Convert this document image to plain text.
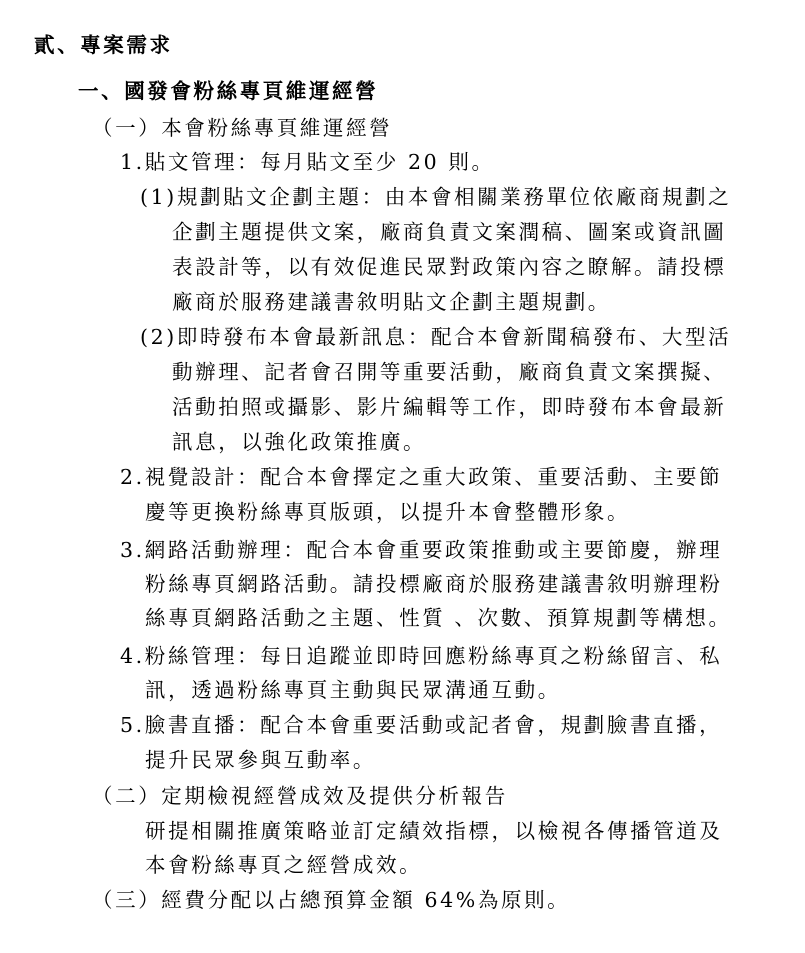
貳、專案需求
一、國發會粉絲專頁維運經營
（一）本會粉絲專頁維運經營
1.貼文管理：每月貼文至少 20 則。
(1)規劃貼文企劃主題：由本會相關業務單位依廠商規劃之
企劃主題提供文案，廠商負責文案潤稿、圖案或資訊圖
表設計等，以有效促進民眾對政策內容之瞭解。請投標
廠商於服務建議書敘明貼文企劃主題規劃。
(2)即時發布本會最新訊息：配合本會新聞稿發布、大型活
動辦理、記者會召開等重要活動，廠商負責文案撰擬、
活動拍照或攝影、影片編輯等工作，即時發布本會最新
訊息，以強化政策推廣。
2.視覺設計：配合本會擇定之重大政策、重要活動、主要節
慶等更換粉絲專頁版頭，以提升本會整體形象。
3.網路活動辦理：配合本會重要政策推動或主要節慶，辦理
粉絲專頁網路活動。請投標廠商於服務建議書敘明辦理粉
絲專頁網路活動之主題、性質 、次數、預算規劃等構想。
4.粉絲管理：每日追蹤並即時回應粉絲專頁之粉絲留言、私
訊，透過粉絲專頁主動與民眾溝通互動。
5.臉書直播：配合本會重要活動或記者會，規劃臉書直播，
提升民眾參與互動率。
（二）定期檢視經營成效及提供分析報告
研提相關推廣策略並訂定績效指標，以檢視各傳播管道及
本會粉絲專頁之經營成效。
（三）經費分配以占總預算金額 64%為原則。
